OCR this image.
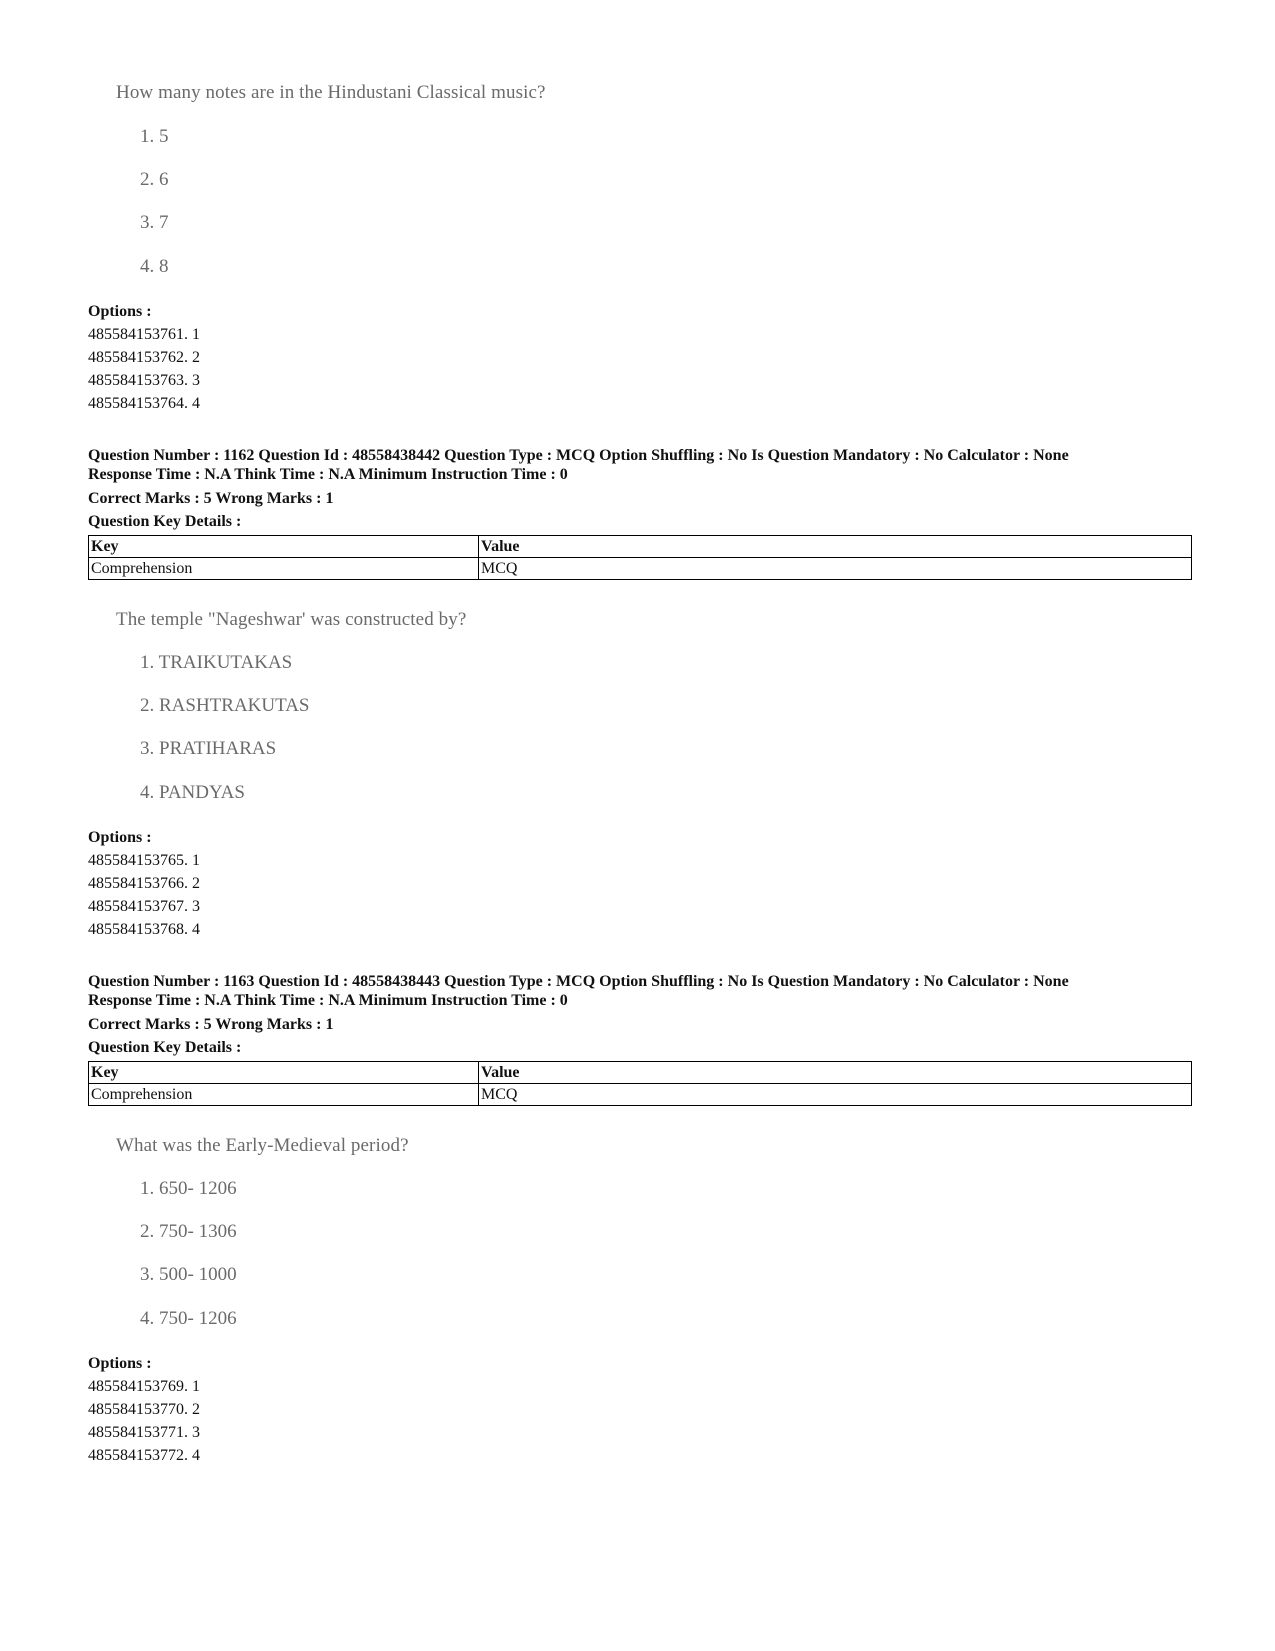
How many notes are in the Hindustani Classical music?
1. 5
2. 6
3. 7
4. 8
Options :
485584153761. 1
485584153762. 2
485584153763. 3
485584153764. 4
Question Number : 1162 Question Id : 48558438442 Question Type : MCQ Option Shuffling : No Is Question Mandatory : No Calculator : None
Response Time : N.A Think Time : N.A Minimum Instruction Time : 0
Correct Marks : 5 Wrong Marks : 1
Question Key Details :
Key	Value
Comprehension	MCQ
The temple "Nageshwar' was constructed by?
1. TRAIKUTAKAS
2. RASHTRAKUTAS
3. PRATIHARAS
4. PANDYAS
Options :
485584153765. 1
485584153766. 2
485584153767. 3
485584153768. 4
Question Number : 1163 Question Id : 48558438443 Question Type : MCQ Option Shuffling : No Is Question Mandatory : No Calculator : None
Response Time : N.A Think Time : N.A Minimum Instruction Time : 0
Correct Marks : 5 Wrong Marks : 1
Question Key Details :
Key	Value
Comprehension	MCQ
What was the Early-Medieval period?
1. 650- 1206
2. 750- 1306
3. 500- 1000
4. 750- 1206
Options :
485584153769. 1
485584153770. 2
485584153771. 3
485584153772. 4
